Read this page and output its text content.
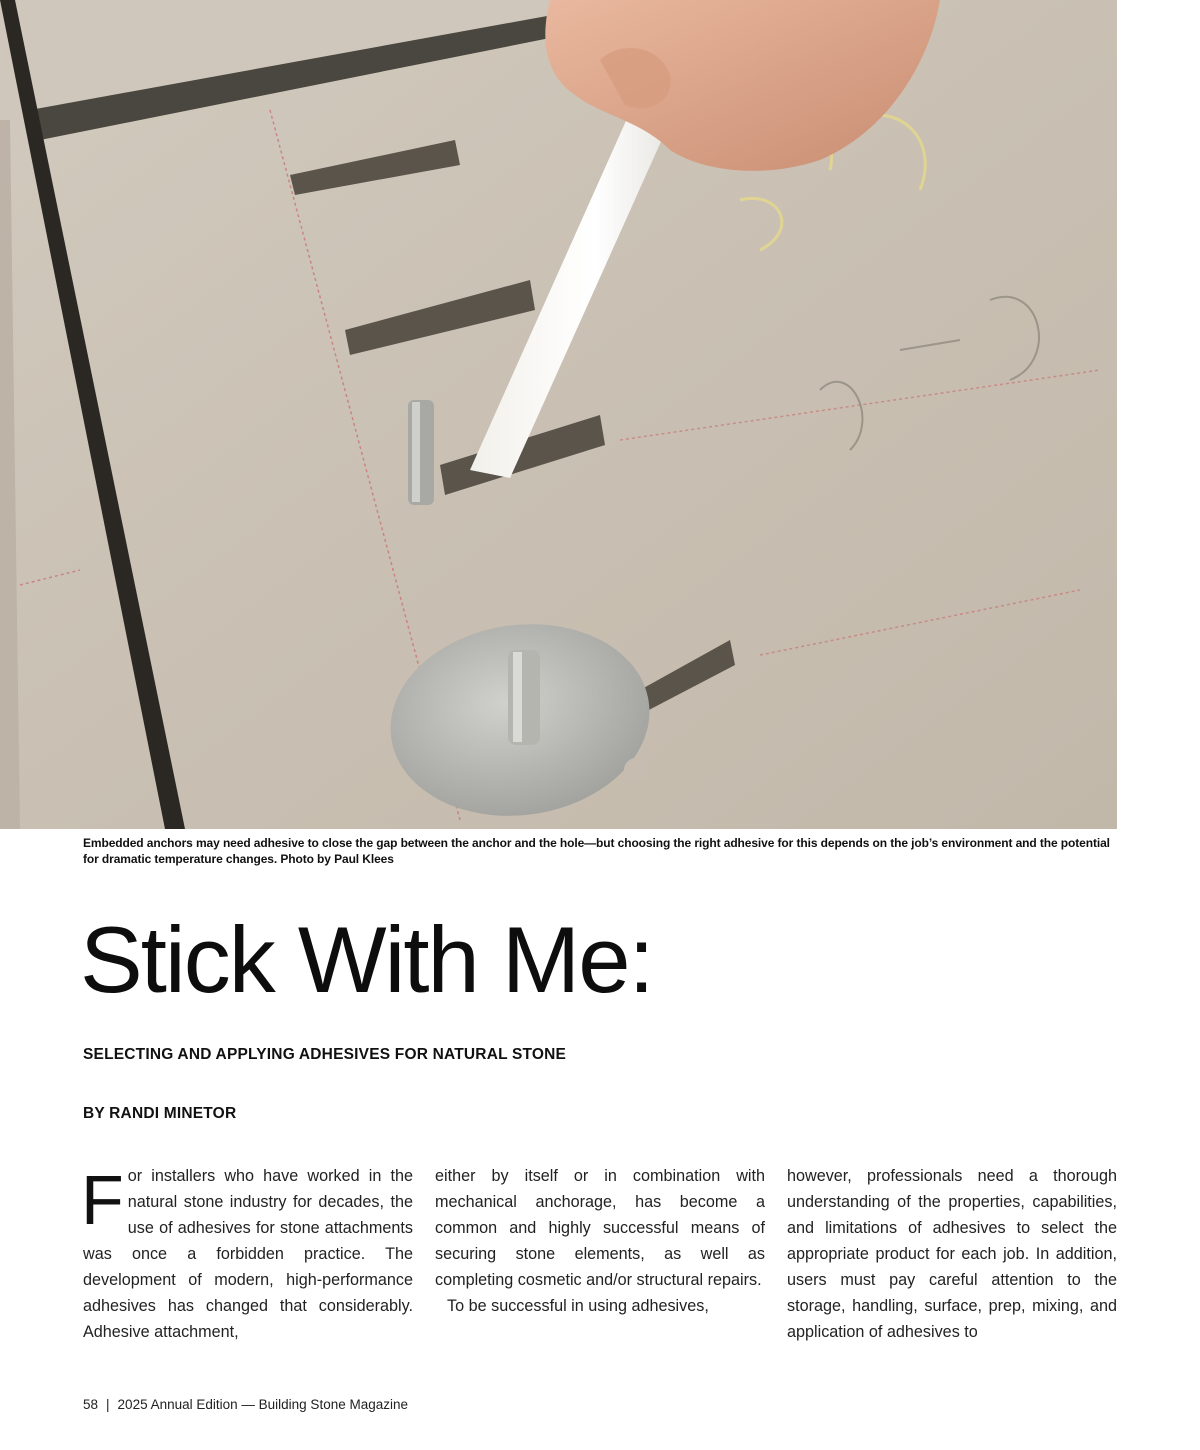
Embedded anchors may need adhesive to close the gap between the anchor and the hole—but choosing the right adhesive for this depends on the job’s environment and the potential for dramatic temperature changes. Photo by Paul Klees
Stick With Me:
SELECTING AND APPLYING ADHESIVES FOR NATURAL STONE
BY RANDI MINETOR
F or installers who have worked in the natural stone industry for decades, the use of adhesives for stone attachments was once a forbidden practice. The development of modern, high-performance adhesives has changed that considerably. Adhesive attachment,

either by itself or in combination with mechanical anchorage, has become a common and highly successful means of securing stone elements, as well as completing cosmetic and/or structural repairs.

To be successful in using adhesives,

however, professionals need a thorough understanding of the properties, capabilities, and limitations of adhesives to select the appropriate product for each job. In addition, users must pay careful attention to the storage, handling, surface, prep, mixing, and application of adhesives to

58 | 2025 Annual Edition — Building Stone Magazine
